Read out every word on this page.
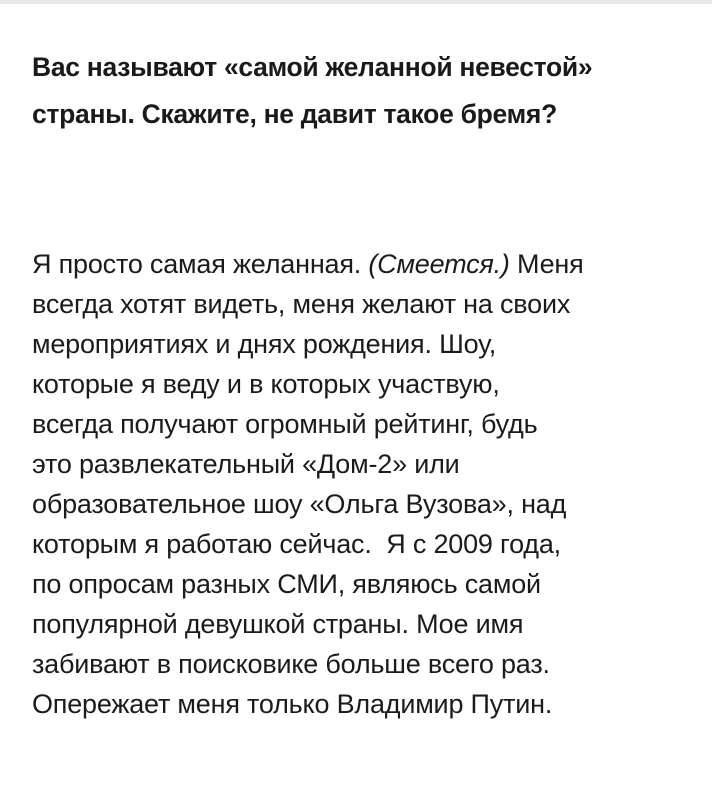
Вас называют «самой желанной невестой»
страны. Скажите, не давит такое бремя?

Я просто самая желанная. (Смеется.) Меня
всегда хотят видеть, меня желают на своих
мероприятиях и днях рождения. Шоу,
которые я веду и в которых участвую,
всегда получают огромный рейтинг, будь
это развлекательный «Дом-2» или
образовательное шоу «Ольга Вузова», над
которым я работаю сейчас.  Я с 2009 года,
по опросам разных СМИ, являюсь самой
популярной девушкой страны. Мое имя
забивают в поисковике больше всего раз.
Опережает меня только Владимир Путин.
